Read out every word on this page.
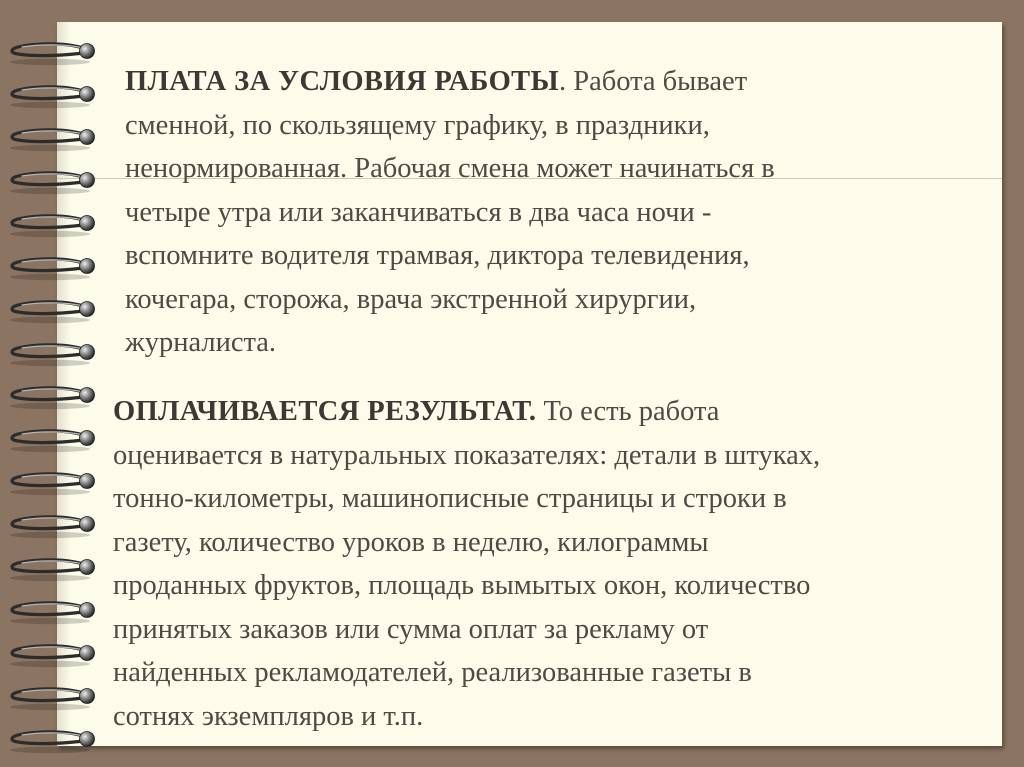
ПЛАТА ЗА УСЛОВИЯ РАБОТЫ. Работа бывает
сменной, по скользящему графику, в праздники,
ненормированная. Рабочая смена может начинаться в
четыре утра или заканчиваться в два часа ночи -
вспомните водителя трамвая, диктора телевидения,
кочегара, сторожа, врача экстренной хирургии,
журналиста.

ОПЛАЧИВАЕТСЯ РЕЗУЛЬТАТ. То есть работа
оценивается в натуральных показателях: детали в штуках,
тонно-километры, машинописные страницы и строки в
газету, количество уроков в неделю, килограммы
проданных фруктов, площадь вымытых окон, количество
принятых заказов или сумма оплат за рекламу от
найденных рекламодателей, реализованные газеты в
сотнях экземпляров и т.п.
